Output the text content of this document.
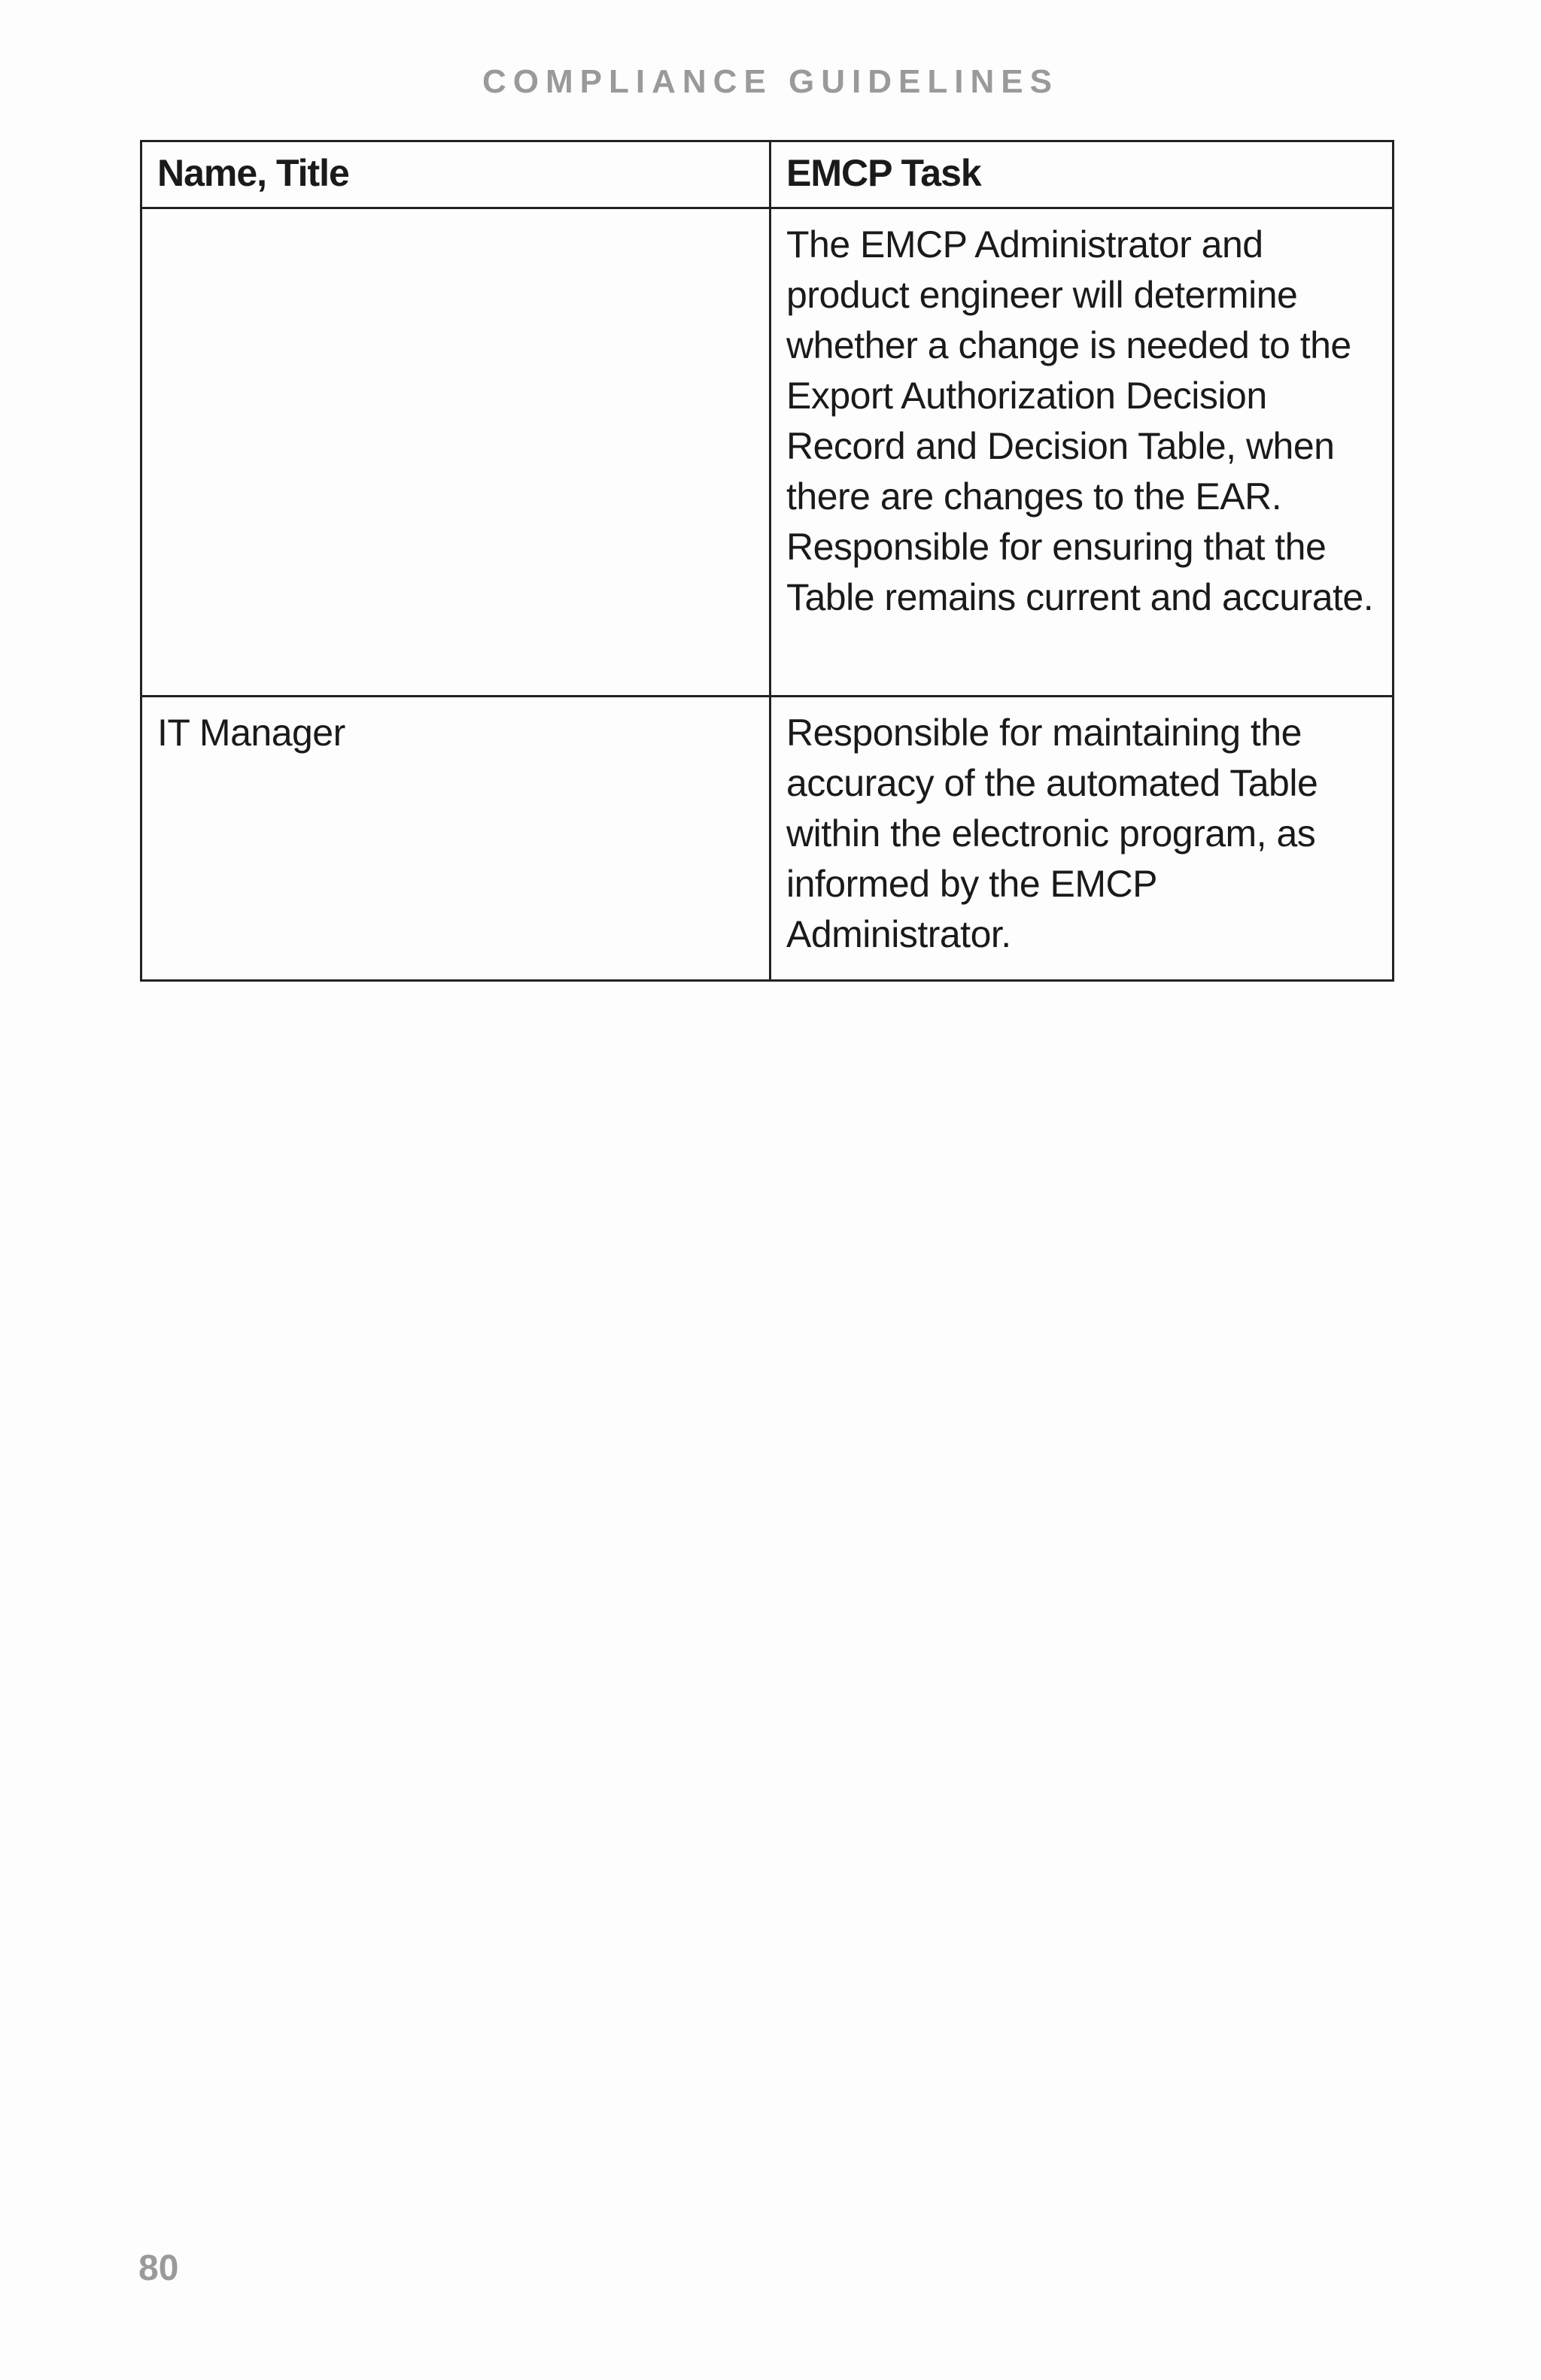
COMPLIANCE GUIDELINES
Name, Title	EMCP Task
	The EMCP Administrator and product engineer will determine whether a change is needed to the Export Authorization Decision Record and Decision Table, when there are changes to the EAR. Responsible for ensuring that the Table remains current and accurate.
IT Manager	Responsible for maintaining the accuracy of the automated Table within the electronic program, as informed by the EMCP Administrator.
80
